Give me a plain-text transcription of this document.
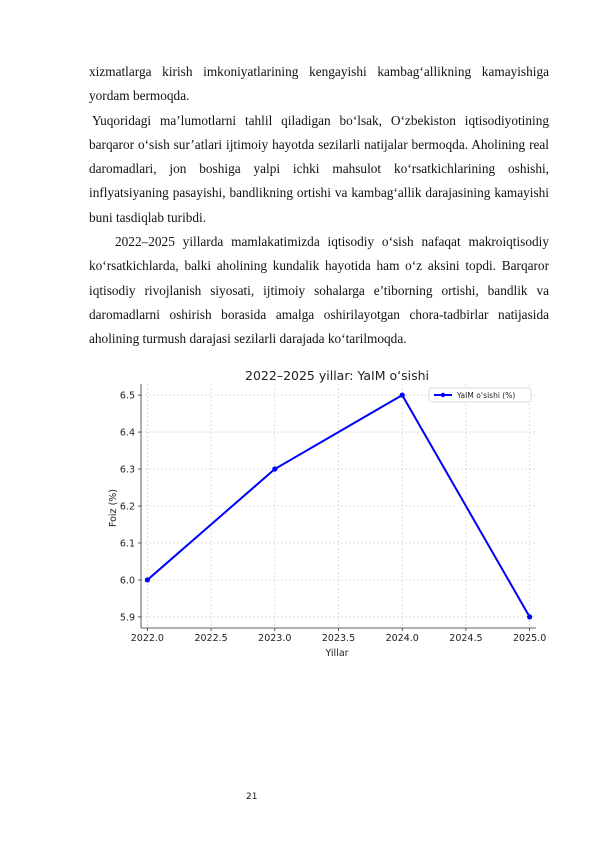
xizmatlarga kirish imkoniyatlarining kengayishi kambag‘allikning kamayishiga yordam bermoqda.

Yuqoridagi ma’lumotlarni tahlil qiladigan bo‘lsak, O‘zbekiston iqtisodiyotining barqaror o‘sish sur’atlari ijtimoiy hayotda sezilarli natijalar bermoqda. Aholining real daromadlari, jon boshiga yalpi ichki mahsulot ko‘rsatkichlarining oshishi, inflyatsiyaning pasayishi, bandlikning ortishi va kambag‘allik darajasining kamayishi buni tasdiqlab turibdi.

2022–2025 yillarda mamlakatimizda iqtisodiy o‘sish nafaqat makroiqtisodiy ko‘rsatkichlarda, balki aholining kundalik hayotida ham o‘z aksini topdi. Barqaror iqtisodiy rivojlanish siyosati, ijtimoiy sohalarga e’tiborning ortishi, bandlik va daromadlarni oshirish borasida amalga oshirilayotgan chora-tadbirlar natijasida aholining turmush darajasi sezilarli darajada ko‘tarilmoqda.

2022–2025 yillar: YaIM o‘sishi
Yillar
Foiz (%)
2022.0	2022.5	2023.0	2023.5	2024.0	2024.5	2025.0
5.9
6.0
6.1
6.2
6.3
6.4
6.5	YaIM o‘sishi (%)
21
